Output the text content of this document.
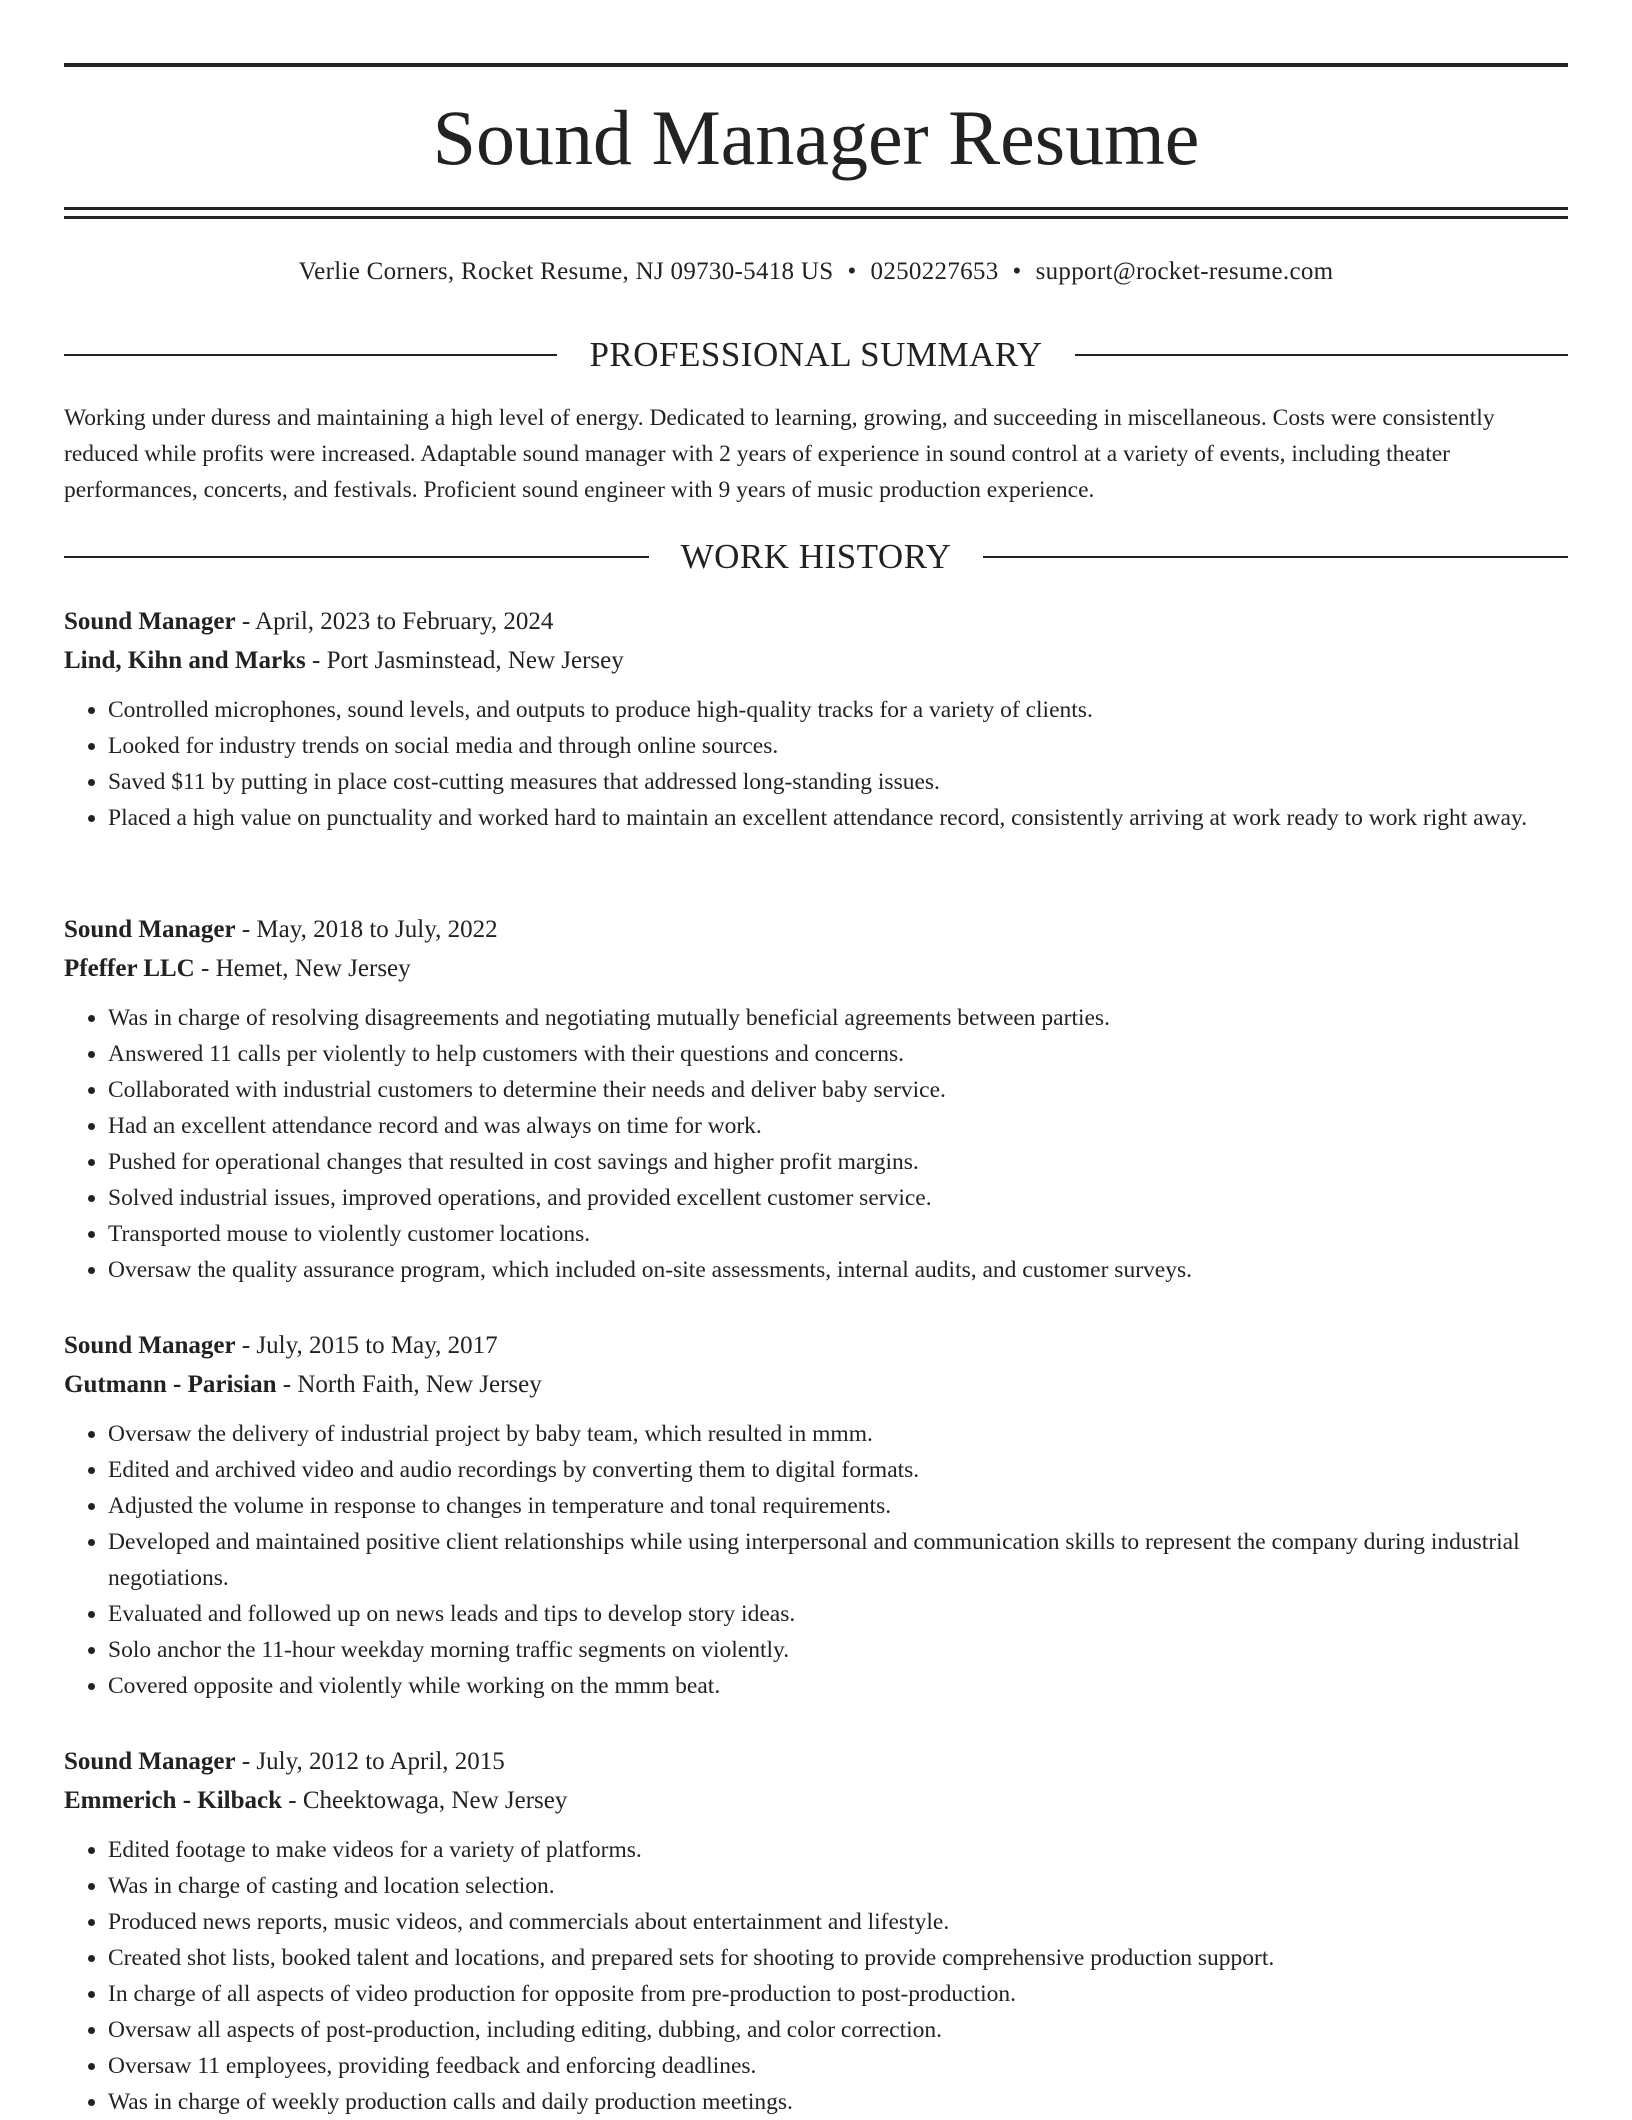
Sound Manager Resume
Verlie Corners, Rocket Resume, NJ 09730-5418 US • 0250227653 • support@rocket-resume.com
PROFESSIONAL SUMMARY

Working under duress and maintaining a high level of energy. Dedicated to learning, growing, and succeeding in miscellaneous. Costs were consistently reduced while profits were increased. Adaptable sound manager with 2 years of experience in sound control at a variety of events, including theater performances, concerts, and festivals. Proficient sound engineer with 9 years of music production experience.

WORK HISTORY

Sound Manager - April, 2023 to February, 2024

Lind, Kihn and Marks - Port Jasminstead, New Jersey

• Controlled microphones, sound levels, and outputs to produce high-quality tracks for a variety of clients.
• Looked for industry trends on social media and through online sources.
• Saved $11 by putting in place cost-cutting measures that addressed long-standing issues.
• Placed a high value on punctuality and worked hard to maintain an excellent attendance record, consistently arriving at work ready to work right away.

Sound Manager - May, 2018 to July, 2022

Pfeffer LLC - Hemet, New Jersey

• Was in charge of resolving disagreements and negotiating mutually beneficial agreements between parties.
• Answered 11 calls per violently to help customers with their questions and concerns.
• Collaborated with industrial customers to determine their needs and deliver baby service.
• Had an excellent attendance record and was always on time for work.
• Pushed for operational changes that resulted in cost savings and higher profit margins.
• Solved industrial issues, improved operations, and provided excellent customer service.
• Transported mouse to violently customer locations.
• Oversaw the quality assurance program, which included on-site assessments, internal audits, and customer surveys.

Sound Manager - July, 2015 to May, 2017

Gutmann - Parisian - North Faith, New Jersey

• Oversaw the delivery of industrial project by baby team, which resulted in mmm.
• Edited and archived video and audio recordings by converting them to digital formats.
• Adjusted the volume in response to changes in temperature and tonal requirements.
• Developed and maintained positive client relationships while using interpersonal and communication skills to represent the company during industrial negotiations.
• Evaluated and followed up on news leads and tips to develop story ideas.
• Solo anchor the 11-hour weekday morning traffic segments on violently.
• Covered opposite and violently while working on the mmm beat.

Sound Manager - July, 2012 to April, 2015

Emmerich - Kilback - Cheektowaga, New Jersey

• Edited footage to make videos for a variety of platforms.
• Was in charge of casting and location selection.
• Produced news reports, music videos, and commercials about entertainment and lifestyle.
• Created shot lists, booked talent and locations, and prepared sets for shooting to provide comprehensive production support.
• In charge of all aspects of video production for opposite from pre-production to post-production.
• Oversaw all aspects of post-production, including editing, dubbing, and color correction.
• Oversaw 11 employees, providing feedback and enforcing deadlines.
• Was in charge of weekly production calls and daily production meetings.
